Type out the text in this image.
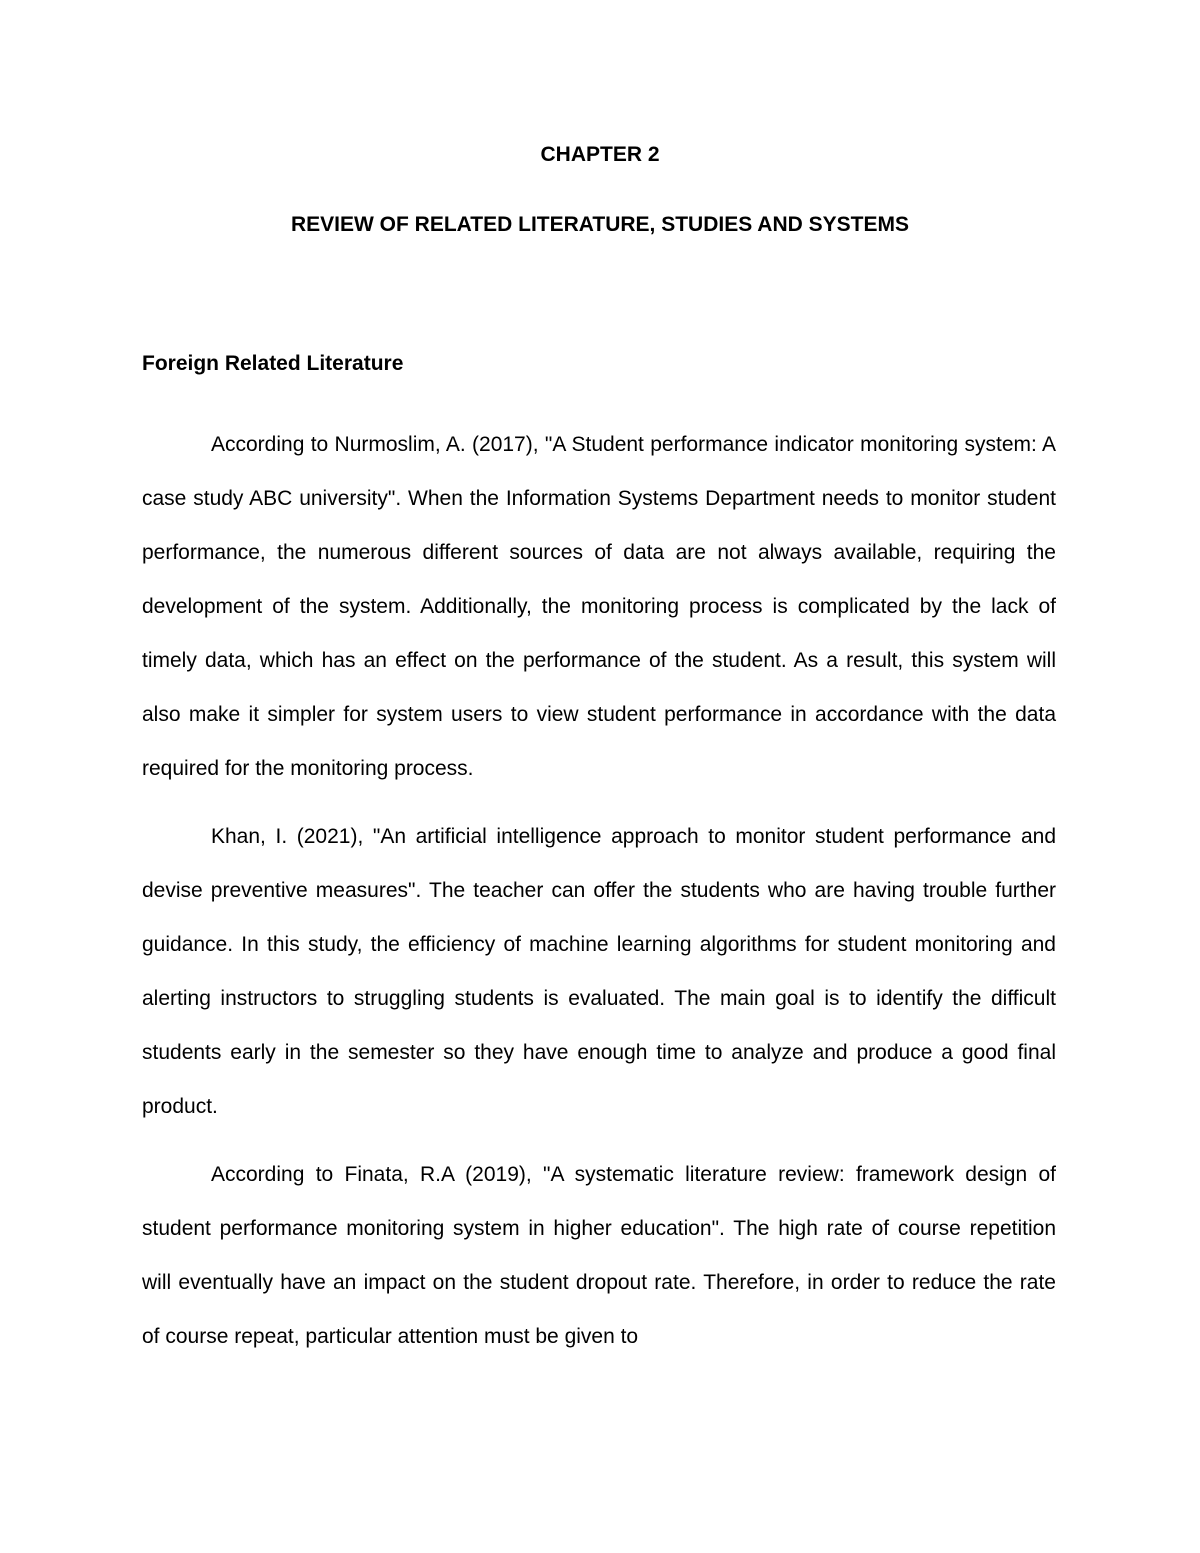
CHAPTER 2
REVIEW OF RELATED LITERATURE, STUDIES AND SYSTEMS
Foreign Related Literature

According to Nurmoslim, A. (2017), "A Student performance indicator monitoring system: A case study ABC university". When the Information Systems Department needs to monitor student performance, the numerous different sources of data are not always available, requiring the development of the system. Additionally, the monitoring process is complicated by the lack of timely data, which has an effect on the performance of the student. As a result, this system will also make it simpler for system users to view student performance in accordance with the data required for the monitoring process.

Khan, I. (2021), "An artificial intelligence approach to monitor student performance and devise preventive measures". The teacher can offer the students who are having trouble further guidance. In this study, the efficiency of machine learning algorithms for student monitoring and alerting instructors to struggling students is evaluated. The main goal is to identify the difficult students early in the semester so they have enough time to analyze and produce a good final product.

According to Finata, R.A (2019), "A systematic literature review: framework design of student performance monitoring system in higher education". The high rate of course repetition will eventually have an impact on the student dropout rate. Therefore, in order to reduce the rate of course repeat, particular attention must be given to
